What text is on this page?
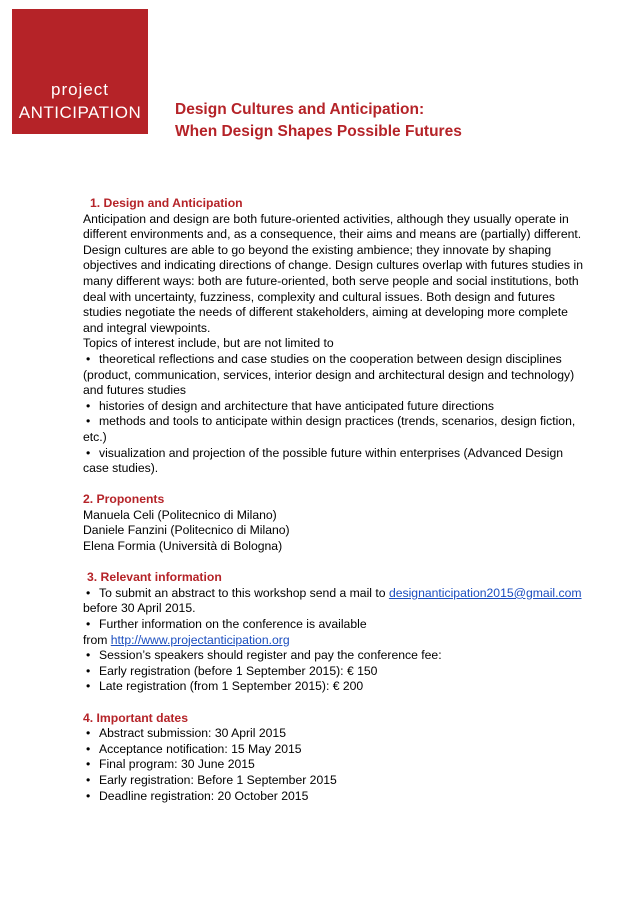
project
ANTICIPATION	Design Cultures and Anticipation:
When Design Shapes Possible Futures
1. Design and Anticipation

Anticipation and design are both future-oriented activities, although they usually operate in different environments and, as a consequence, their aims and means are (partially) different. Design cultures are able to go beyond the existing ambience; they innovate by shaping objectives and indicating directions of change. Design cultures overlap with futures studies in many different ways: both are future-oriented, both serve people and social institutions, both deal with uncertainty, fuzziness, complexity and cultural issues. Both design and futures studies negotiate the needs of different stakeholders, aiming at developing more complete and integral viewpoints.

Topics of interest include, but are not limited to

• theoretical reflections and case studies on the cooperation between design disciplines (product, communication, services, interior design and architectural design and technology) and futures studies
• histories of design and architecture that have anticipated future directions
• methods and tools to anticipate within design practices (trends, scenarios, design fiction, etc.)
• visualization and projection of the possible future within enterprises (Advanced Design case studies).
2. Proponents

Manuela Celi (Politecnico di Milano)

Daniele Fanzini (Politecnico di Milano)

Elena Formia (Università di Bologna)

3. Relevant information
• To submit an abstract to this workshop send a mail to designanticipation2015@gmail.com

before 30 April 2015.

• Further information on the conference is available

from http://www.projectanticipation.org

• Session’s speakers should register and pay the conference fee:
• Early registration (before 1 September 2015): € 150
• Late registration (from 1 September 2015): € 200
4. Important dates
• Abstract submission: 30 April 2015
• Acceptance notification: 15 May 2015
• Final program: 30 June 2015
• Early registration: Before 1 September 2015
• Deadline registration: 20 October 2015
